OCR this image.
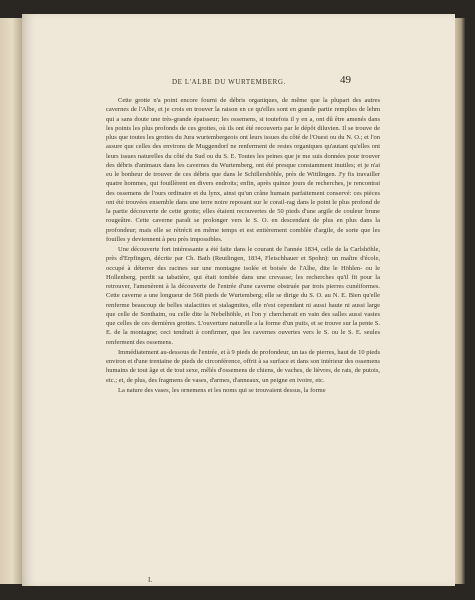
DE L'ALBE DU WURTEMBERG.	49

Cette grotte n'a point encore fourni de débris organiques, de même que la plupart des autres cavernes de l'Albe, et je crois en trouver la raison en ce qu'elles sont en grande partie remplies de lehm qui a sans doute une très-grande épaisseur; les ossemens, si toutefois il y en a, ont dû être amenés dans les points les plus profonds de ces grottes, où ils ont été recouverts par le dépôt diluvien. Il se trouve de plus que toutes les grottes du Jura wurtembergeois ont leurs issues du côté de l'Ouest ou du N. O.; et l'on assure que celles des environs de Muggendorf ne renferment de restes organiques qu'autant qu'elles ont leurs issues naturelles du côté du Sud ou du S. E. Toutes les peines que je me suis données pour trouver des débris d'animaux dans les cavernes du Wurtemberg, ont été presque constamment inutiles; et je n'ai eu le bonheur de trouver de ces débris que dans le Schillershöhle, près de Wittlingen. J'y fis travailler quatre hommes, qui fouillèrent en divers endroits; enfin, après quinze jours de recherches, je rencontrai des ossemens de l'ours ordinaire et du lynx, ainsi qu'un crâne humain parfaitement conservé: ces pièces ont été trouvées ensemble dans une terre noire reposant sur le corail-rag dans le point le plus profond de la partie découverte de cette grotte; elles étaient recouvertes de 50 pieds d'une argile de couleur brune rougeâtre. Cette caverne paraît se prolonger vers le S. O. en descendant de plus en plus dans la profondeur; mais elle se rétrécit en même temps et est entièrement comblée d'argile, de sorte que les fouilles y deviennent à peu près impossibles.

Une découverte fort intéressante a été faite dans le courant de l'année 1834, celle de la Carlshöhle, près d'Erpfingen, décrite par Ch. Bath (Reutlingen, 1834, Fleischhauer et Spohn): un maître d'école, occupé à déterrer des racines sur une montagne isolée et boisée de l'Albe, dite le Höhlen- ou le Hollenberg, perdit sa tabatière, qui était tombée dans une crevasse; les recherches qu'il fit pour la retrouver, l'amenèrent à la découverte de l'entrée d'une caverne obstruée par trois pierres cunéiformes. Cette caverne a une longueur de 568 pieds de Wurtemberg; elle se dirige du S. O. au N. E. Bien qu'elle renferme beaucoup de belles stalactites et stalagmites, elle n'est cependant ni aussi haute ni aussi large que celle de Sonthaim, ou celle dite la Nebelhöhle, et l'on y chercherait en vain des salles aussi vastes que celles de ces dernières grottes. L'ouverture naturelle a la forme d'un puits, et se trouve sur la pente S. E. de la montagne; ceci tendrait à confirmer, que les cavernes ouvertes vers le S. ou le S. E. seules renferment des ossemens.

Immédiatement au-dessous de l'entrée, et à 9 pieds de profondeur, un tas de pierres, haut de 10 pieds environ et d'une trentaine de pieds de circonférence, offrit à sa surface et dans son intérieur des ossemens humains de tout âge et de tout sexe, mêlés d'ossemens de chiens, de vaches, de lièvres, de rats, de putois, etc.; et, de plus, des fragmens de vases, d'armes, d'anneaux, un peigne en ivoire, etc.

La nature des vases, les ornemens et les noms qui se trouvaient dessus, la forme

I.
